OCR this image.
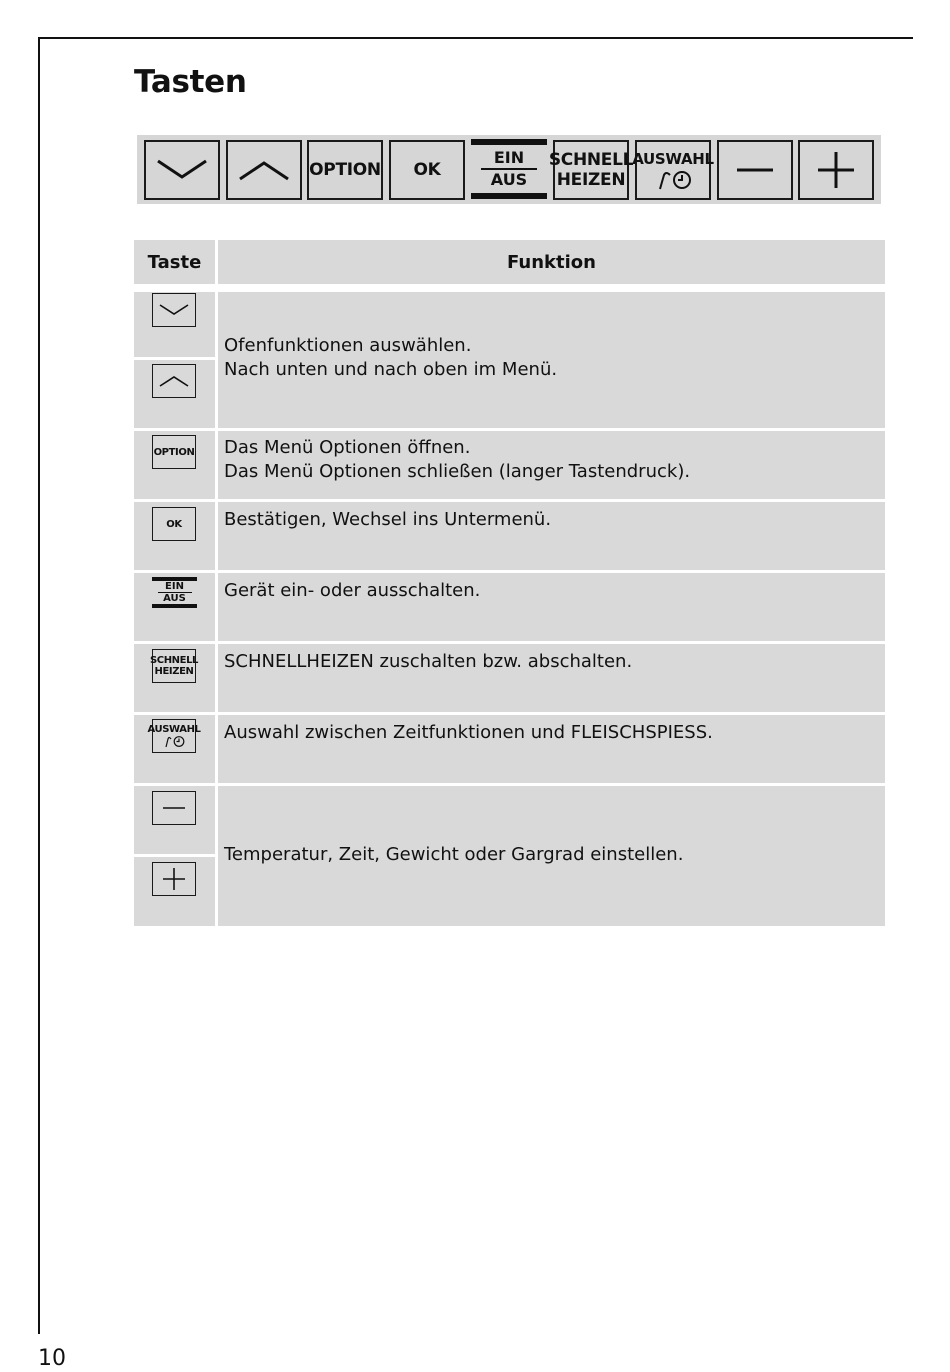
Tasten
OPTION OK
EIN
AUS
SCHNELL
HEIZEN
AUSWAHL
Taste	Funktion
Ofenfunktionen auswählen.
Nach unten und nach oben im Menü.
OPTION Das Menü Optionen öffnen.
Das Menü Optionen schließen (langer Tastendruck).
OK Bestätigen, Wechsel ins Untermenü.
EIN
AUS Gerät ein- oder ausschalten.
SCHNELL
HEIZEN SCHNELLHEIZEN zuschalten bzw. abschalten.
AUSWAHL Auswahl zwischen Zeitfunktionen und FLEISCHSPIESS.
Temperatur, Zeit, Gewicht oder Gargrad einstellen.
10
